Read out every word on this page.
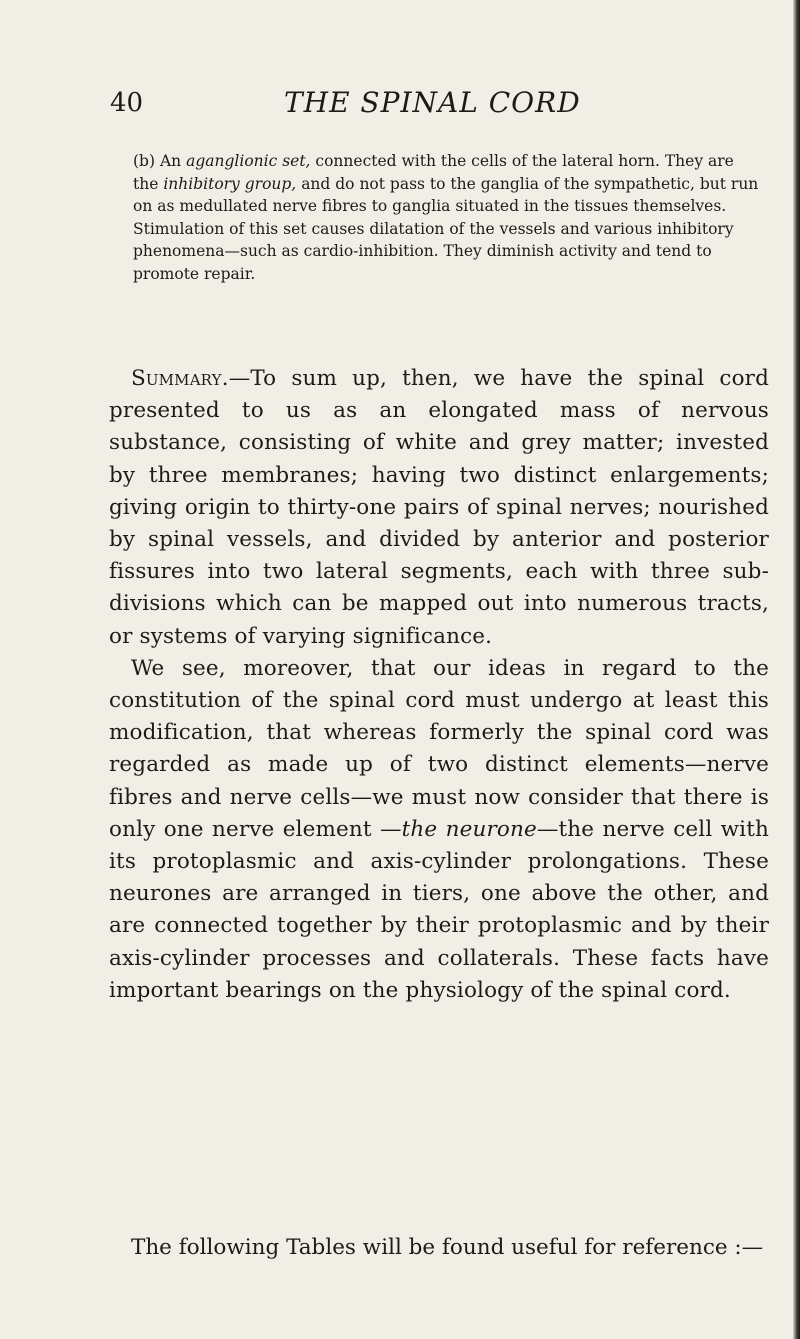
40	THE SPINAL CORD
(b) An aganglionic set, connected with the cells of the lateral horn. They are the inhibitory group, and do not pass to the ganglia of the sympathetic, but run on as medullated nerve fibres to ganglia situated in the tissues themselves. Stimulation of this set causes dilatation of the vessels and various inhibitory phenomena—such as cardio-inhibition. They diminish activity and tend to promote repair.

Summary.—To sum up, then, we have the spinal cord presented to us as an elongated mass of nervous substance, consisting of white and grey matter; invested by three membranes; having two distinct enlargements; giving origin to thirty-one pairs of spinal nerves; nourished by spinal vessels, and divided by anterior and posterior fissures into two lateral segments, each with three sub-divisions which can be mapped out into numerous tracts, or systems of varying significance.

We see, moreover, that our ideas in regard to the constitution of the spinal cord must undergo at least this modification, that whereas formerly the spinal cord was regarded as made up of two distinct elements—nerve fibres and nerve cells—we must now consider that there is only one nerve element —the neurone—the nerve cell with its protoplasmic and axis-cylinder prolongations. These neurones are arranged in tiers, one above the other, and are connected together by their protoplasmic and by their axis-cylinder processes and collaterals. These facts have important bearings on the physiology of the spinal cord.

The following Tables will be found useful for reference :—
